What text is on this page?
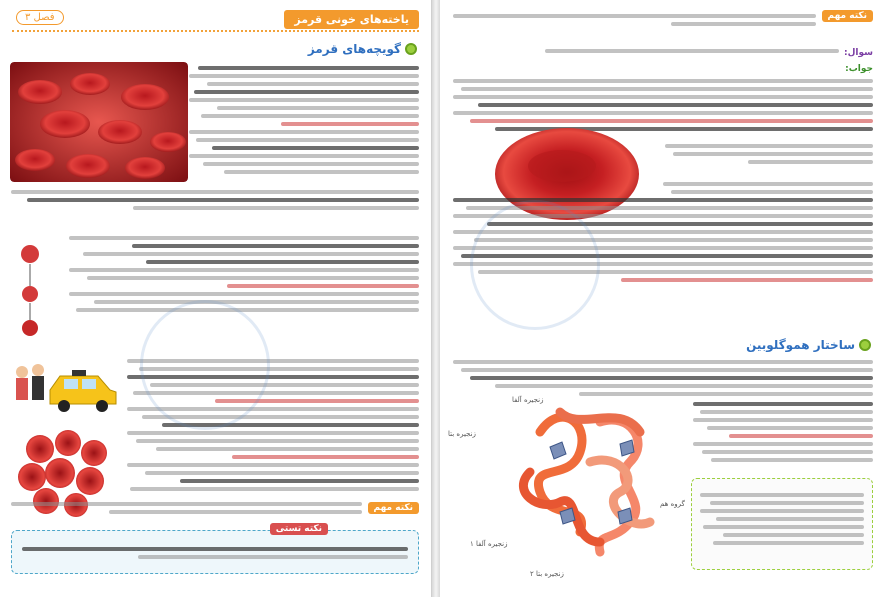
یاخته‌های خونی قرمز
فصل ۳
گویچه‌های قرمز
نکته مهم
نکته تستی
نکته مهم
سوال:
جواب:
ساختار هموگلوبین
زنجیره آلفا
زنجیره بتا
گروه هم
زنجیره آلفا ۱
زنجیره بتا ۲
